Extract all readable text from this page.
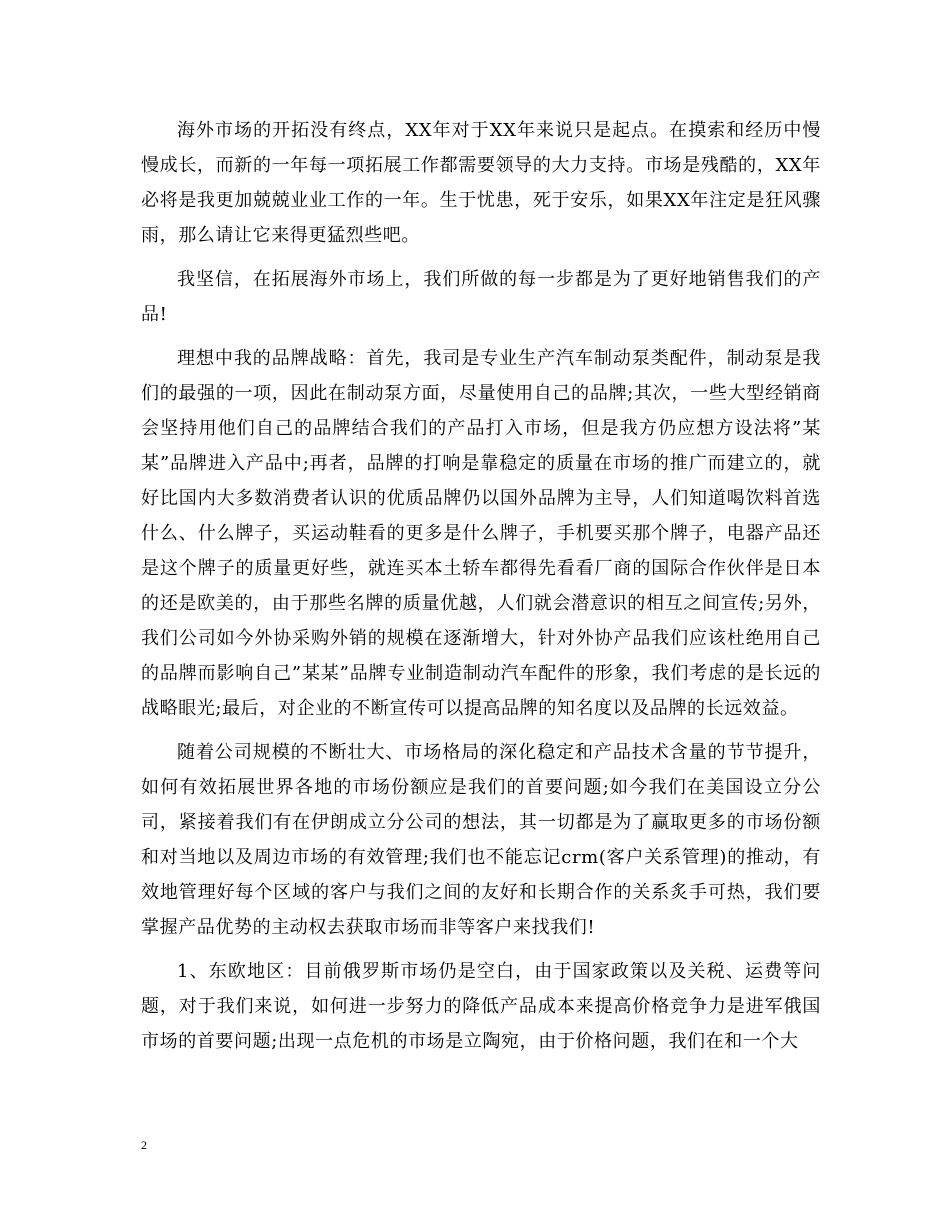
海外市场的开拓没有终点，XX年对于XX年来说只是起点。在摸索和经历中慢慢成长，而新的一年每一项拓展工作都需要领导的大力支持。市场是残酷的，XX年必将是我更加兢兢业业工作的一年。生于忧患，死于安乐，如果XX年注定是狂风骤雨，那么请让它来得更猛烈些吧。

我坚信，在拓展海外市场上，我们所做的每一步都是为了更好地销售我们的产品!

理想中我的品牌战略：首先，我司是专业生产汽车制动泵类配件，制动泵是我们的最强的一项，因此在制动泵方面，尽量使用自己的品牌;其次，一些大型经销商会坚持用他们自己的品牌结合我们的产品打入市场，但是我方仍应想方设法将”某某”品牌进入产品中;再者，品牌的打响是靠稳定的质量在市场的推广而建立的，就好比国内大多数消费者认识的优质品牌仍以国外品牌为主导，人们知道喝饮料首选什么、什么牌子，买运动鞋看的更多是什么牌子，手机要买那个牌子，电器产品还是这个牌子的质量更好些，就连买本土轿车都得先看看厂商的国际合作伙伴是日本的还是欧美的，由于那些名牌的质量优越，人们就会潜意识的相互之间宣传;另外，我们公司如今外协采购外销的规模在逐渐增大，针对外协产品我们应该杜绝用自己的品牌而影响自己”某某”品牌专业制造制动汽车配件的形象，我们考虑的是长远的战略眼光;最后，对企业的不断宣传可以提高品牌的知名度以及品牌的长远效益。

随着公司规模的不断壮大、市场格局的深化稳定和产品技术含量的节节提升，如何有效拓展世界各地的市场份额应是我们的首要问题;如今我们在美国设立分公司，紧接着我们有在伊朗成立分公司的想法，其一切都是为了赢取更多的市场份额和对当地以及周边市场的有效管理;我们也不能忘记crm(客户关系管理)的推动，有效地管理好每个区域的客户与我们之间的友好和长期合作的关系炙手可热，我们要掌握产品优势的主动权去获取市场而非等客户来找我们!

1、东欧地区：目前俄罗斯市场仍是空白，由于国家政策以及关税、运费等问题，对于我们来说，如何进一步努力的降低产品成本来提高价格竞争力是进军俄国市场的首要问题;出现一点危机的市场是立陶宛，由于价格问题，我们在和一个大

2
